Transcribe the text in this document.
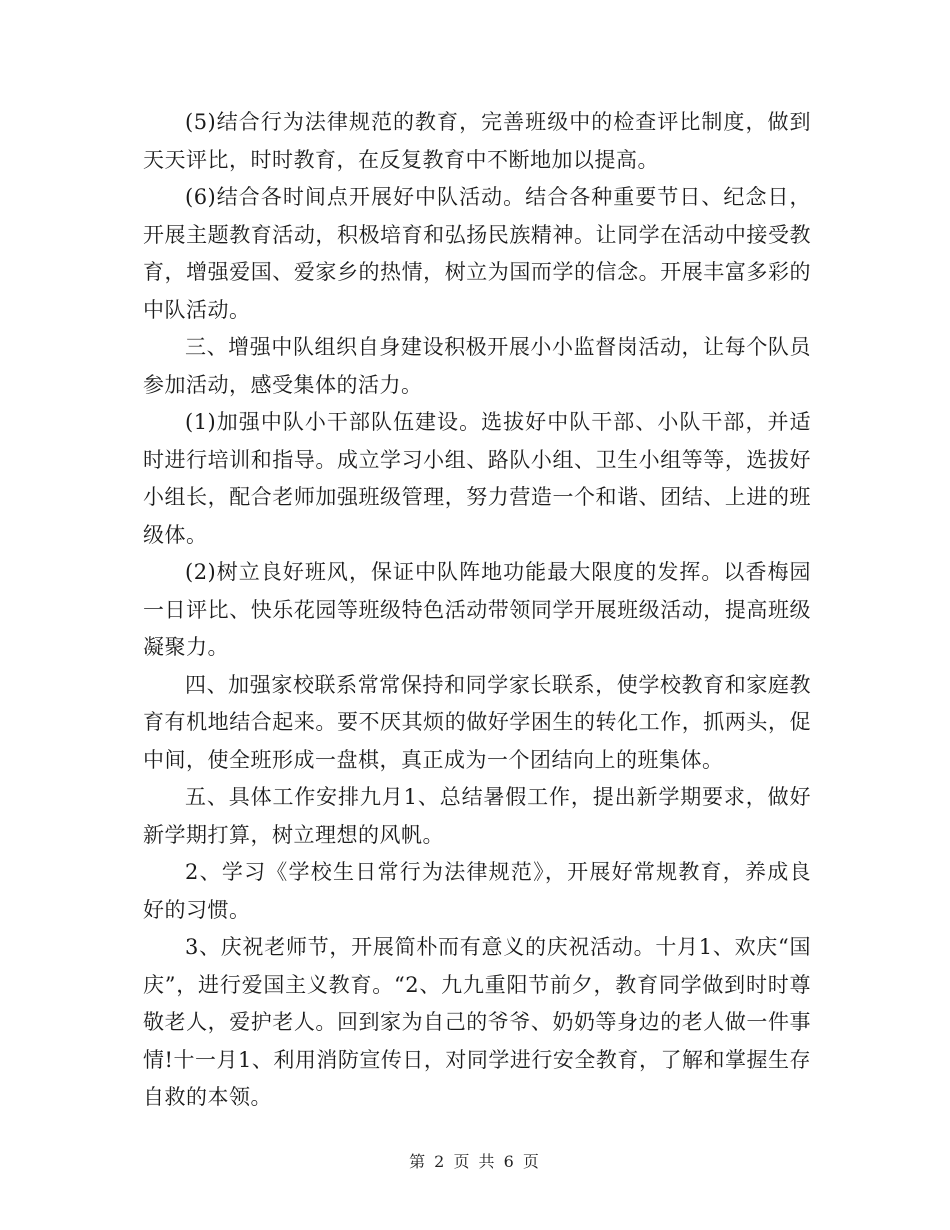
(5)结合行为法律规范的教育，完善班级中的检查评比制度，做到天天评比，时时教育，在反复教育中不断地加以提高。

(6)结合各时间点开展好中队活动。结合各种重要节日、纪念日，开展主题教育活动，积极培育和弘扬民族精神。让同学在活动中接受教育，增强爱国、爱家乡的热情，树立为国而学的信念。开展丰富多彩的中队活动。

三、增强中队组织自身建设积极开展小小监督岗活动，让每个队员参加活动，感受集体的活力。

(1)加强中队小干部队伍建设。选拔好中队干部、小队干部，并适时进行培训和指导。成立学习小组、路队小组、卫生小组等等，选拔好小组长，配合老师加强班级管理，努力营造一个和谐、团结、上进的班级体。

(2)树立良好班风，保证中队阵地功能最大限度的发挥。以香梅园一日评比、快乐花园等班级特色活动带领同学开展班级活动，提高班级凝聚力。

四、加强家校联系常常保持和同学家长联系，使学校教育和家庭教育有机地结合起来。要不厌其烦的做好学困生的转化工作，抓两头，促中间，使全班形成一盘棋，真正成为一个团结向上的班集体。

五、具体工作安排九月1、总结暑假工作，提出新学期要求，做好新学期打算，树立理想的风帆。

2、学习《学校生日常行为法律规范》，开展好常规教育，养成良好的习惯。

3、庆祝老师节，开展简朴而有意义的庆祝活动。十月1、欢庆“国庆”，进行爱国主义教育。“2、九九重阳节前夕，教育同学做到时时尊敬老人，爱护老人。回到家为自己的爷爷、奶奶等身边的老人做一件事情!十一月1、利用消防宣传日，对同学进行安全教育，了解和掌握生存自救的本领。

第 2 页 共 6 页
